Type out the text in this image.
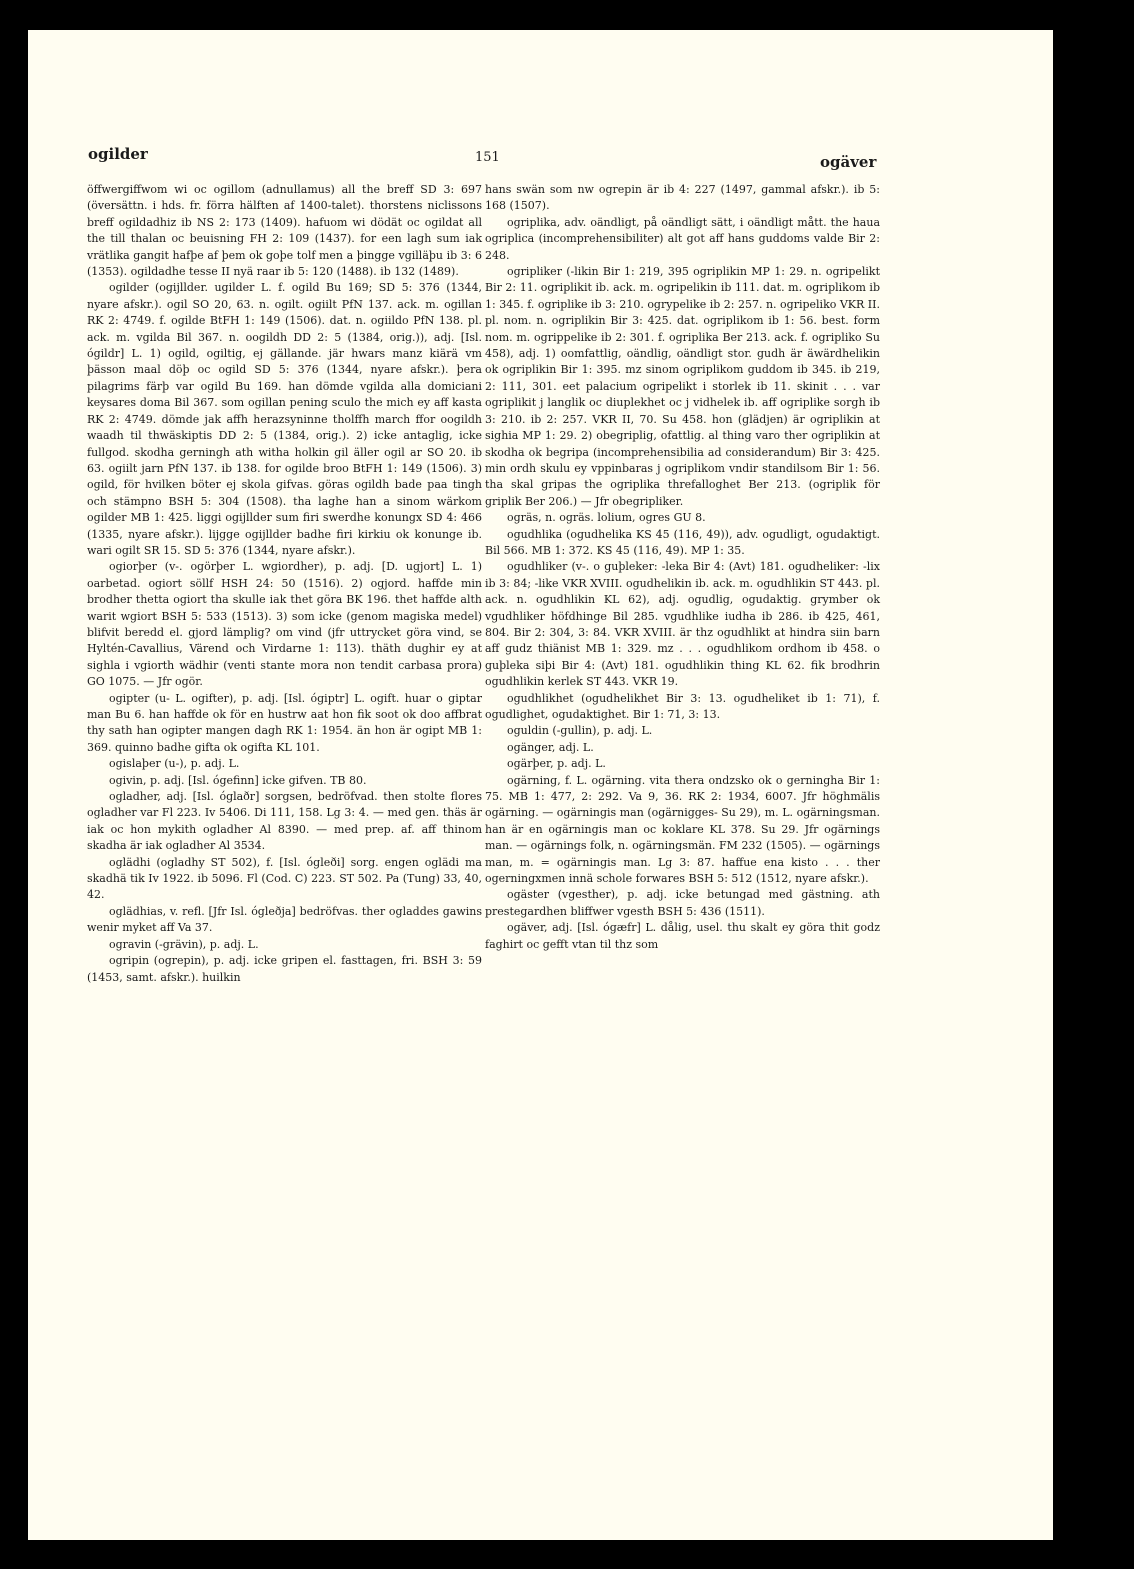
ogilder	151	ogäver

öffwergiffwom wi oc ogillom (adnullamus) all the breff SD 3: 697 (översättn. i hds. fr. förra hälften af 1400-talet). thorstens niclissons breff ogildadhiz ib NS 2: 173 (1409). hafuom wi dödät oc ogildat all the till thalan oc beuisning FH 2: 109 (1437). for een lagh sum iak vrätlika gangit hafþe af þem ok goþe tolf men a þingge vgilläþu ib 3: 6 (1353). ogildadhe tesse II nyä raar ib 5: 120 (1488). ib 132 (1489).

ogilder (ogijllder. ugilder L. f. ogild Bu 169; SD 5: 376 (1344, nyare afskr.). ogil SO 20, 63. n. ogilt. ogiilt PfN 137. ack. m. ogillan RK 2: 4749. f. ogilde BtFH 1: 149 (1506). dat. n. ogiildo PfN 138. pl. ack. m. vgilda Bil 367. n. oogildh DD 2: 5 (1384, orig.)), adj. [Isl. ógildr] L. 1) ogild, ogiltig, ej gällande. jär hwars manz kiärä vm þässon maal döþ oc ogild SD 5: 376 (1344, nyare afskr.). þera pilagrims färþ var ogild Bu 169. han dömde vgilda alla domiciani keysares doma Bil 367. som ogillan pening sculo the mich ey aff kasta RK 2: 4749. dömde jak affh herazsyninne tholffh march ffor oogildh waadh til thwäskiptis DD 2: 5 (1384, orig.). 2) icke antaglig, icke fullgod. skodha gerningh ath witha holkin gil äller ogil ar SO 20. ib 63. ogiilt jarn PfN 137. ib 138. for ogilde broo BtFH 1: 149 (1506). 3) ogild, för hvilken böter ej skola gifvas. göras ogildh bade paa tingh och stämpno BSH 5: 304 (1508). tha laghe han a sinom wärkom ogilder MB 1: 425. liggi ogijllder sum firi swerdhe konungx SD 4: 466 (1335, nyare afskr.). lijgge ogijllder badhe firi kirkiu ok konunge ib. wari ogilt SR 15. SD 5: 376 (1344, nyare afskr.).

ogiorþer (v-. ogörþer L. wgiordher), p. adj. [D. ugjort] L. 1) oarbetad. ogiort söllf HSH 24: 50 (1516). 2) ogjord. haffde min brodher thetta ogiort tha skulle iak thet göra BK 196. thet haffde alth warit wgiort BSH 5: 533 (1513). 3) som icke (genom magiska medel) blifvit beredd el. gjord lämplig? om vind (jfr uttrycket göra vind, se Hyltén-Cavallius, Värend och Virdarne 1: 113). thäth dughir ey at sighla i vgiorth wädhir (venti stante mora non tendit carbasa prora) GO 1075. — Jfr ogör.

ogipter (u- L. ogifter), p. adj. [Isl. ógiptr] L. ogift. huar o giptar man Bu 6. han haffde ok för en hustrw aat hon fik soot ok doo affbrat thy sath han ogipter mangen dagh RK 1: 1954. än hon är ogipt MB 1: 369. quinno badhe gifta ok ogifta KL 101.

ogislaþer (u-), p. adj. L.

ogivin, p. adj. [Isl. ógefinn] icke gifven. TB 80.

ogladher, adj. [Isl. óglaðr] sorgsen, bedröfvad. then stolte flores ogladher var Fl 223. Iv 5406. Di 111, 158. Lg 3: 4. — med gen. thäs är iak oc hon mykith ogladher Al 8390. — med prep. af. aff thinom skadha är iak ogladher Al 3534.

oglädhi (ogladhy ST 502), f. [Isl. ógleði] sorg. engen oglädi ma skadhä tik Iv 1922. ib 5096. Fl (Cod. C) 223. ST 502. Pa (Tung) 33, 40, 42.

oglädhias, v. refl. [Jfr Isl. ógleðja] bedröfvas. ther ogladdes gawins wenir myket aff Va 37.

ogravin (-grävin), p. adj. L.

ogripin (ogrepin), p. adj. icke gripen el. fasttagen, fri. BSH 3: 59 (1453, samt. afskr.). huilkin

hans swän som nw ogrepin är ib 4: 227 (1497, gammal afskr.). ib 5: 168 (1507).

ogriplika, adv. oändligt, på oändligt sätt, i oändligt mått. the haua ogriplica (incomprehensibiliter) alt got aff hans guddoms valde Bir 2: 248.

ogripliker (-likin Bir 1: 219, 395 ogriplikin MP 1: 29. n. ogripelikt Bir 2: 11. ogriplikit ib. ack. m. ogripelikin ib 111. dat. m. ogriplikom ib 1: 345. f. ogriplike ib 3: 210. ogrypelike ib 2: 257. n. ogripeliko VKR II. pl. nom. n. ogriplikin Bir 3: 425. dat. ogriplikom ib 1: 56. best. form nom. m. ogrippelike ib 2: 301. f. ogriplika Ber 213. ack. f. ogripliko Su 458), adj. 1) oomfattlig, oändlig, oändligt stor. gudh är äwärdhelikin ok ogriplikin Bir 1: 395. mz sinom ogriplikom guddom ib 345. ib 219, 2: 111, 301. eet palacium ogripelikt i storlek ib 11. skinit . . . var ogriplikit j langlik oc diuplekhet oc j vidhelek ib. aff ogriplike sorgh ib 3: 210. ib 2: 257. VKR II, 70. Su 458. hon (glädjen) är ogriplikin at sighia MP 1: 29. 2) obegriplig, ofattlig. al thing varo ther ogriplikin at skodha ok begripa (incomprehensibilia ad considerandum) Bir 3: 425. min ordh skulu ey vppinbaras j ogriplikom vndir standilsom Bir 1: 56. tha skal gripas the ogriplika threfalloghet Ber 213. (ogriplik för griplik Ber 206.) — Jfr obegripliker.

ogräs, n. ogräs. lolium, ogres GU 8.

ogudhlika (ogudhelika KS 45 (116, 49)), adv. ogudligt, ogudaktigt. Bil 566. MB 1: 372. KS 45 (116, 49). MP 1: 35.

ogudhliker (v-. o guþleker: -leka Bir 4: (Avt) 181. ogudheliker: -lix ib 3: 84; -like VKR XVIII. ogudhelikin ib. ack. m. ogudhlikin ST 443. pl. ack. n. ogudhlikin KL 62), adj. ogudlig, ogudaktig. grymber ok vgudhliker höfdhinge Bil 285. vgudhlike iudha ib 286. ib 425, 461, 804. Bir 2: 304, 3: 84. VKR XVIII. är thz ogudhlikt at hindra siin barn aff gudz thiänist MB 1: 329. mz . . . ogudhlikom ordhom ib 458. o guþleka siþi Bir 4: (Avt) 181. ogudhlikin thing KL 62. fik brodhrin ogudhlikin kerlek ST 443. VKR 19.

ogudhlikhet (ogudhelikhet Bir 3: 13. ogudheliket ib 1: 71), f. ogudlighet, ogudaktighet. Bir 1: 71, 3: 13.

oguldin (-gullin), p. adj. L.

ogänger, adj. L.

ogärþer, p. adj. L.

ogärning, f. L. ogärning. vita thera ondzsko ok o gerningha Bir 1: 75. MB 1: 477, 2: 292. Va 9, 36. RK 2: 1934, 6007. Jfr höghmälis ogärning. — ogärningis man (ogärnigges- Su 29), m. L. ogärningsman. han är en ogärningis man oc koklare KL 378. Su 29. Jfr ogärnings man. — ogärnings folk, n. ogärningsmän. FM 232 (1505). — ogärnings man, m. = ogärningis man. Lg 3: 87. haffue ena kisto . . . ther ogerningxmen innä schole forwares BSH 5: 512 (1512, nyare afskr.).

ogäster (vgesther), p. adj. icke betungad med gästning. ath prestegardhen bliffwer vgesth BSH 5: 436 (1511).

ogäver, adj. [Isl. ógæfr] L. dålig, usel. thu skalt ey göra thit godz faghirt oc gefft vtan til thz som
